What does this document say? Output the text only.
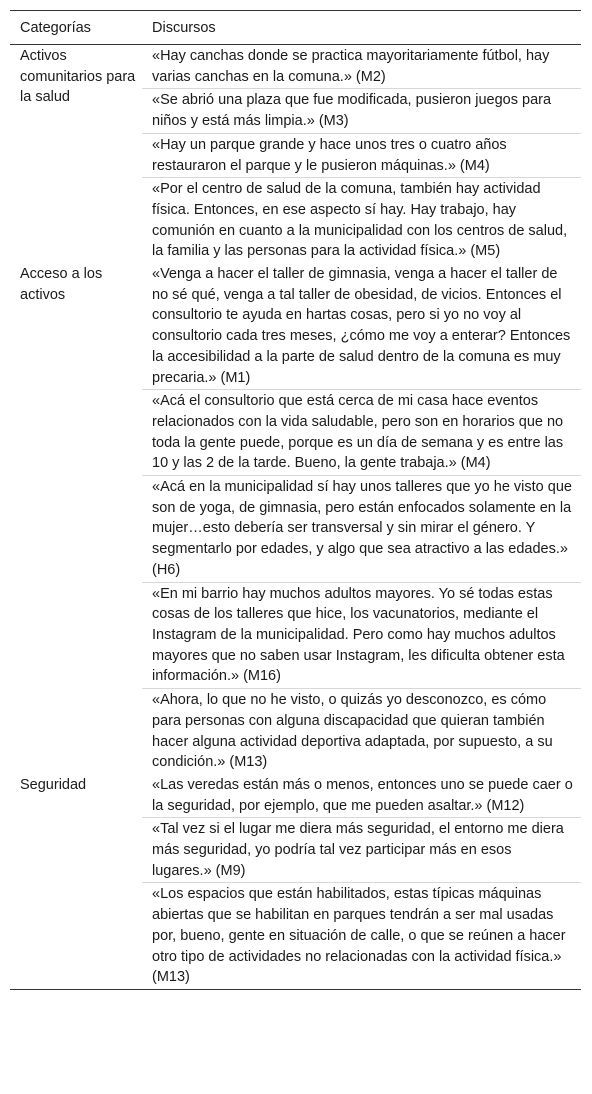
Categorías	Discursos
Activos comunitarios para la salud
«Hay canchas donde se practica mayoritariamente fútbol, hay varias canchas en la comuna.» (M2)
«Se abrió una plaza que fue modificada, pusieron juegos para niños y está más limpia.» (M3)
«Hay un parque grande y hace unos tres o cuatro años restauraron el parque y le pusieron máquinas.» (M4)
«Por el centro de salud de la comuna, también hay actividad física. Entonces, en ese aspecto sí hay. Hay trabajo, hay comunión en cuanto a la municipalidad con los centros de salud, la familia y las personas para la actividad física.» (M5)
Acceso a los activos
«Venga a hacer el taller de gimnasia, venga a hacer el taller de no sé qué, venga a tal taller de obesidad, de vicios. Entonces el consultorio te ayuda en hartas cosas, pero si yo no voy al consultorio cada tres meses, ¿cómo me voy a enterar? Entonces la accesibilidad a la parte de salud dentro de la comuna es muy precaria.» (M1)
«Acá el consultorio que está cerca de mi casa hace eventos relacionados con la vida saludable, pero son en horarios que no toda la gente puede, porque es un día de semana y es entre las 10 y las 2 de la tarde. Bueno, la gente trabaja.» (M4)
«Acá en la municipalidad sí hay unos talleres que yo he visto que son de yoga, de gimnasia, pero están enfocados solamente en la mujer…esto debería ser transversal y sin mirar el género. Y segmentarlo por edades, y algo que sea atractivo a las edades.» (H6)
«En mi barrio hay muchos adultos mayores. Yo sé todas estas cosas de los talleres que hice, los vacunatorios, mediante el Instagram de la municipalidad. Pero como hay muchos adultos mayores que no saben usar Instagram, les dificulta obtener esta información.» (M16)
«Ahora, lo que no he visto, o quizás yo desconozco, es cómo para personas con alguna discapacidad que quieran también hacer alguna actividad deportiva adaptada, por supuesto, a su condición.» (M13)
Seguridad	«Las veredas están más o menos, entonces uno se puede caer o la seguridad, por ejemplo, que me pueden asaltar.» (M12)
«Tal vez si el lugar me diera más seguridad, el entorno me diera más seguridad, yo podría tal vez participar más en esos lugares.» (M9)
«Los espacios que están habilitados, estas típicas máquinas abiertas que se habilitan en parques tendrán a ser mal usadas por, bueno, gente en situación de calle, o que se reúnen a hacer otro tipo de actividades no relacionadas con la actividad física.» (M13)
